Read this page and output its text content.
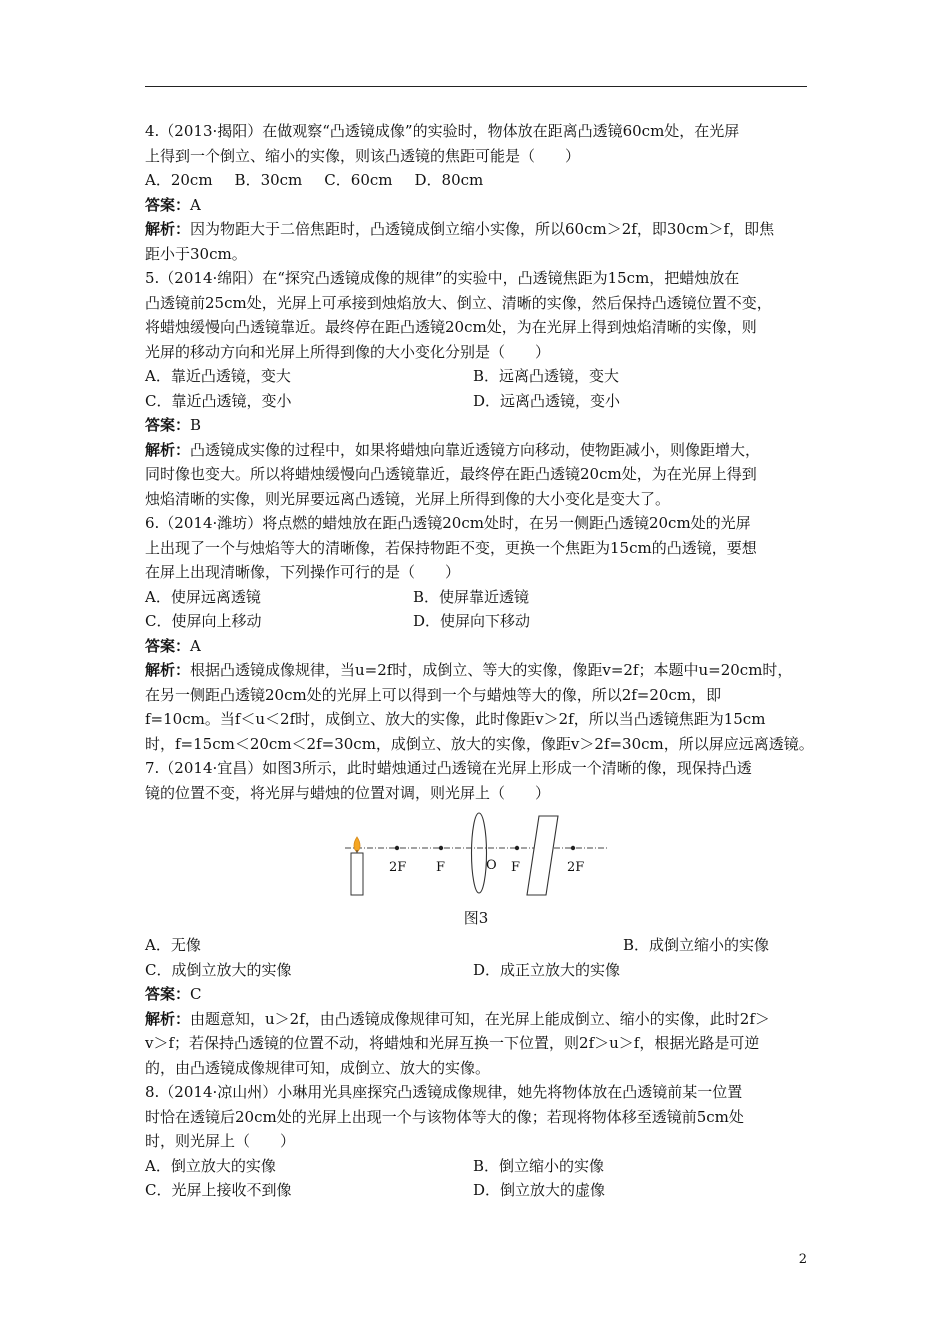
4.（2013·揭阳）在做观察“凸透镜成像”的实验时，物体放在距离凸透镜60cm处，在光屏
上得到一个倒立、缩小的实像，则该凸透镜的焦距可能是（　　）
A．20cm B．30cm C．60cm D．80cm
答案：A
解析：因为物距大于二倍焦距时，凸透镜成倒立缩小实像，所以60cm＞2f，即30cm＞f，即焦
距小于30cm。
5.（2014·绵阳）在“探究凸透镜成像的规律”的实验中，凸透镜焦距为15cm，把蜡烛放在
凸透镜前25cm处，光屏上可承接到烛焰放大、倒立、清晰的实像，然后保持凸透镜位置不变，
将蜡烛缓慢向凸透镜靠近。最终停在距凸透镜20cm处，为在光屏上得到烛焰清晰的实像，则
光屏的移动方向和光屏上所得到像的大小变化分别是（　　）
A．靠近凸透镜，变大	B．远离凸透镜，变大
C．靠近凸透镜，变小	D．远离凸透镜，变小
答案：B
解析：凸透镜成实像的过程中，如果将蜡烛向靠近透镜方向移动，使物距减小，则像距增大，
同时像也变大。所以将蜡烛缓慢向凸透镜靠近，最终停在距凸透镜20cm处，为在光屏上得到
烛焰清晰的实像，则光屏要远离凸透镜，光屏上所得到像的大小变化是变大了。
6.（2014·潍坊）将点燃的蜡烛放在距凸透镜20cm处时，在另一侧距凸透镜20cm处的光屏
上出现了一个与烛焰等大的清晰像，若保持物距不变，更换一个焦距为15cm的凸透镜，要想
在屏上出现清晰像，下列操作可行的是（　　）
A．使屏远离透镜	B．使屏靠近透镜
C．使屏向上移动	D．使屏向下移动
答案：A
解析：根据凸透镜成像规律，当u=2f时，成倒立、等大的实像，像距v=2f；本题中u=20cm时，
在另一侧距凸透镜20cm处的光屏上可以得到一个与蜡烛等大的像，所以2f=20cm，即
f=10cm。当f＜u＜2f时，成倒立、放大的实像，此时像距v＞2f，所以当凸透镜焦距为15cm
时，f=15cm＜20cm＜2f=30cm，成倒立、放大的实像，像距v＞2f=30cm，所以屏应远离透镜。
7.（2014·宜昌）如图3所示，此时蜡烛通过凸透镜在光屏上形成一个清晰的像，现保持凸透
镜的位置不变，将光屏与蜡烛的位置对调，则光屏上（　　）
2F F	O F	2F
图3
A．无像	B．成倒立缩小的实像
C．成倒立放大的实像	D．成正立放大的实像
答案：C
解析：由题意知，u＞2f，由凸透镜成像规律可知，在光屏上能成倒立、缩小的实像，此时2f＞
v＞f；若保持凸透镜的位置不动，将蜡烛和光屏互换一下位置，则2f＞u＞f，根据光路是可逆
的，由凸透镜成像规律可知，成倒立、放大的实像。
8.（2014·凉山州）小琳用光具座探究凸透镜成像规律，她先将物体放在凸透镜前某一位置
时恰在透镜后20cm处的光屏上出现一个与该物体等大的像；若现将物体移至透镜前5cm处
时，则光屏上（　　）
A．倒立放大的实像	B．倒立缩小的实像
C．光屏上接收不到像	D．倒立放大的虚像
2
